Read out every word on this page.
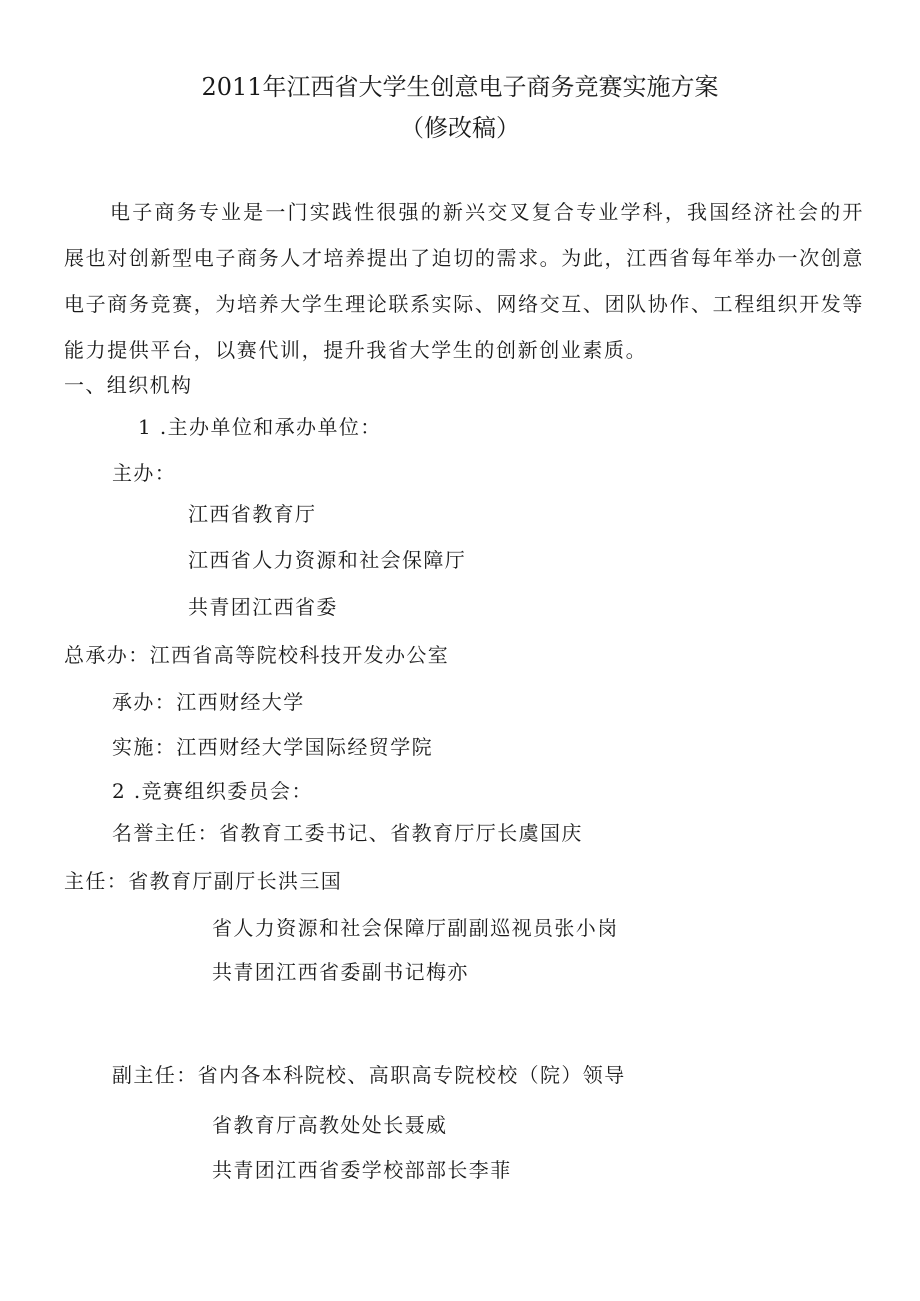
2011年江西省大学生创意电子商务竞赛实施方案
（修改稿）
电子商务专业是一门实践性很强的新兴交叉复合专业学科，我国经济社会的开展也对创新型电子商务人才培养提出了迫切的需求。为此，江西省每年举办一次创意电子商务竞赛，为培养大学生理论联系实际、网络交互、团队协作、工程组织开发等能力提供平台，以赛代训，提升我省大学生的创新创业素质。
一、组织机构
1 .主办单位和承办单位：
主办：
江西省教育厅
江西省人力资源和社会保障厅
共青团江西省委
总承办：江西省高等院校科技开发办公室
承办：江西财经大学
实施：江西财经大学国际经贸学院
2 .竞赛组织委员会：
名誉主任：省教育工委书记、省教育厅厅长虞国庆
主任：省教育厅副厅长洪三国
省人力资源和社会保障厅副副巡视员张小岗
共青团江西省委副书记梅亦
副主任：省内各本科院校、高职高专院校校（院）领导
省教育厅高教处处长聂威
共青团江西省委学校部部长李菲
